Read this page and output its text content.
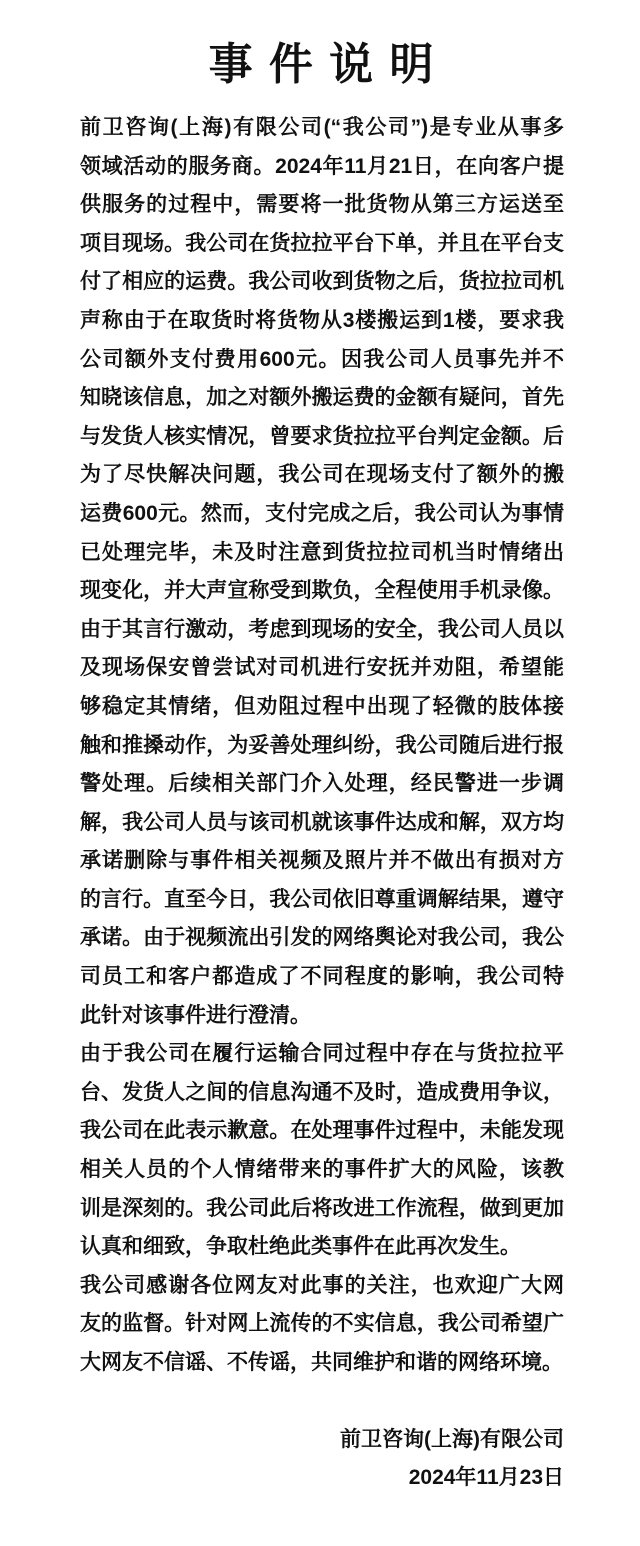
事 件 说 明
前卫咨询(上海)有限公司(“我公司”)是专业从事多
领域活动的服务商。2024年11月21日，在向客户提
供服务的过程中，需要将一批货物从第三方运送至
项目现场。我公司在货拉拉平台下单，并且在平台支
付了相应的运费。我公司收到货物之后，货拉拉司机
声称由于在取货时将货物从3楼搬运到1楼，要求我
公司额外支付费用600元。因我公司人员事先并不
知晓该信息，加之对额外搬运费的金额有疑问，首先
与发货人核实情况，曾要求货拉拉平台判定金额。后
为了尽快解决问题，我公司在现场支付了额外的搬
运费600元。然而，支付完成之后，我公司认为事情
已处理完毕，未及时注意到货拉拉司机当时情绪出
现变化，并大声宣称受到欺负，全程使用手机录像。
由于其言行激动，考虑到现场的安全，我公司人员以
及现场保安曾尝试对司机进行安抚并劝阻，希望能
够稳定其情绪，但劝阻过程中出现了轻微的肢体接
触和推搡动作，为妥善处理纠纷，我公司随后进行报
警处理。后续相关部门介入处理，经民警进一步调
解，我公司人员与该司机就该事件达成和解，双方均
承诺删除与事件相关视频及照片并不做出有损对方
的言行。直至今日，我公司依旧尊重调解结果，遵守
承诺。由于视频流出引发的网络舆论对我公司，我公
司员工和客户都造成了不同程度的影响，我公司特
此针对该事件进行澄清。
由于我公司在履行运输合同过程中存在与货拉拉平
台、发货人之间的信息沟通不及时，造成费用争议，
我公司在此表示歉意。在处理事件过程中，未能发现
相关人员的个人情绪带来的事件扩大的风险，该教
训是深刻的。我公司此后将改进工作流程，做到更加
认真和细致，争取杜绝此类事件在此再次发生。
我公司感谢各位网友对此事的关注，也欢迎广大网
友的监督。针对网上流传的不实信息，我公司希望广
大网友不信谣、不传谣，共同维护和谐的网络环境。
前卫咨询(上海)有限公司
2024年11月23日
